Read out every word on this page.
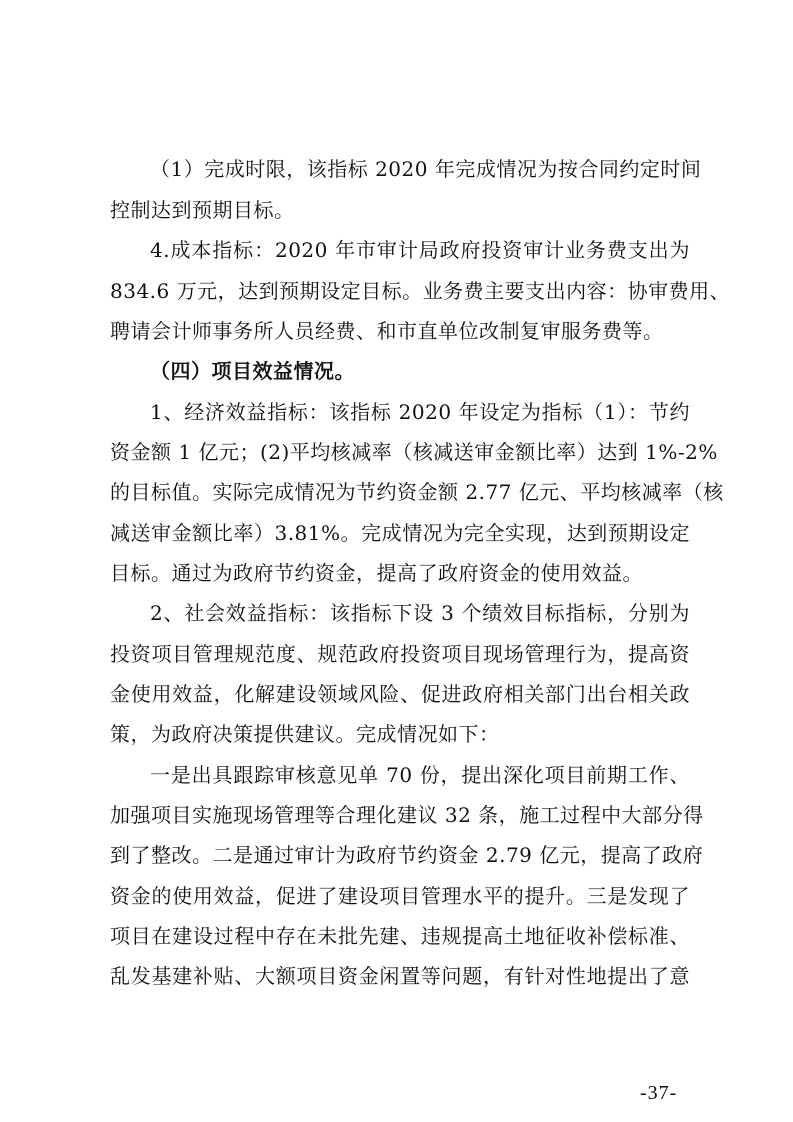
（1）完成时限，该指标 2020 年完成情况为按合同约定时间
控制达到预期目标。
4.成本指标：2020 年市审计局政府投资审计业务费支出为
834.6 万元，达到预期设定目标。业务费主要支出内容：协审费用、
聘请会计师事务所人员经费、和市直单位改制复审服务费等。
（四）项目效益情况。
1、经济效益指标：该指标 2020 年设定为指标（1）：节约
资金额 1 亿元；(2)平均核减率（核减送审金额比率）达到 1%-2%
的目标值。实际完成情况为节约资金额 2.77 亿元、平均核减率（核
减送审金额比率）3.81%。完成情况为完全实现，达到预期设定
目标。通过为政府节约资金，提高了政府资金的使用效益。
2、社会效益指标：该指标下设 3 个绩效目标指标，分别为
投资项目管理规范度、规范政府投资项目现场管理行为，提高资
金使用效益，化解建设领域风险、促进政府相关部门出台相关政
策，为政府决策提供建议。完成情况如下：
一是出具跟踪审核意见单 70 份，提出深化项目前期工作、
加强项目实施现场管理等合理化建议 32 条，施工过程中大部分得
到了整改。二是通过审计为政府节约资金 2.79 亿元，提高了政府
资金的使用效益，促进了建设项目管理水平的提升。三是发现了
项目在建设过程中存在未批先建、违规提高土地征收补偿标准、
乱发基建补贴、大额项目资金闲置等问题，有针对性地提出了意
-37-
